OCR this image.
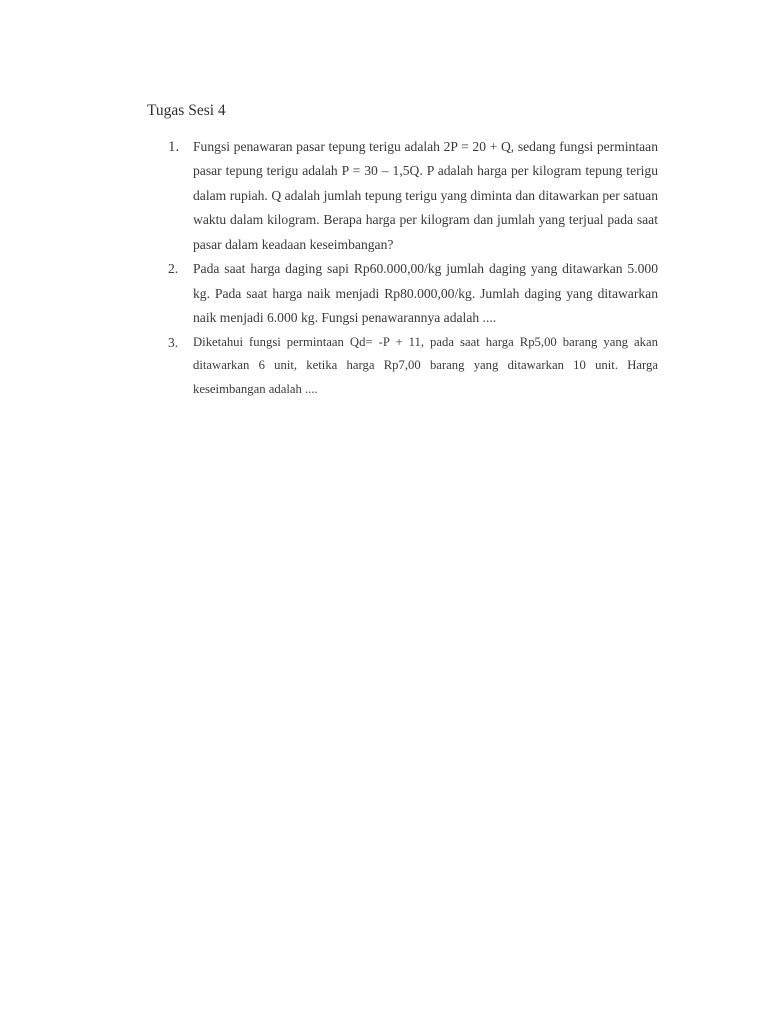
Tugas Sesi 4
1.	Fungsi penawaran pasar tepung terigu adalah 2P = 20 + Q, sedang fungsi permintaan pasar tepung terigu adalah P = 30 – 1,5Q. P adalah harga per kilogram tepung terigu dalam rupiah. Q adalah jumlah tepung terigu yang diminta dan ditawarkan per satuan waktu dalam kilogram. Berapa harga per kilogram dan jumlah yang terjual pada saat pasar dalam keadaan keseimbangan?
2.	Pada saat harga daging sapi Rp60.000,00/kg jumlah daging yang ditawarkan 5.000 kg. Pada saat harga naik menjadi Rp80.000,00/kg. Jumlah daging yang ditawarkan naik menjadi 6.000 kg. Fungsi penawarannya adalah ....
3.	Diketahui fungsi permintaan Qd= -P + 11, pada saat harga Rp5,00 barang yang akan ditawarkan 6 unit, ketika harga Rp7,00 barang yang ditawarkan 10 unit. Harga keseimbangan adalah ....
